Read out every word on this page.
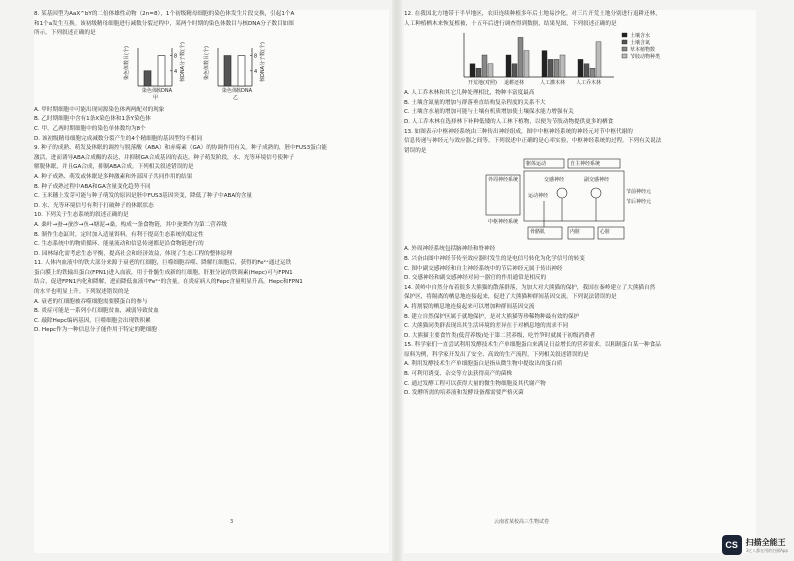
8. 某基因型为AaX^bY的二倍体雄性动物（2n=8），1个初级精母细胞的染色体发生片段交换，引起1个A

和1个a发生互换。该初级精母细胞进行减数分裂过程中，某两个时期的染色体数目与核DNA分子数目如图

所示。下列叙述正确的是

8
4
染色体
核DNA
染色体数目(个)	核DNA分子数(个)
甲
8
4
染色体
核DNA
染色体数目(个)	核DNA分子数(个)
乙

A. 甲时期细胞中可能出现同源染色体两两配对的现象

B. 乙时期细胞中含有1条X染色体和1条Y染色体

C. 甲、乙两时期细胞中的染色单体数均为8个

D. 该初级精母细胞完成减数分裂产生的4个精细胞的基因型均不相同

9. 种子的成熟、萌发及休眠的调控与脱落酸（ABA）和赤霉素（GA）的协调作用有关。种子成熟的，胚中FUS3蛋白能

激活，进而诱导ABA合成酶的表达，并抑制GA合成基因的表达。种子萌发阶段，水、光等环境信号使种子

解脱休眠，并且GA合成，抑制ABA合成。下列相关叙述错误的是

A. 种子成熟、萌发或休眠是多种激素和外部因子共同作用的结果

B. 种子成熟过程中ABA和GA含量变化趋势不同

C. 玉米穗上发芽可能与种子萌发的原因是胚中FUS3基因突变，降低了种子中ABA的含量

D. 水、光等环境信号有利于打破种子的休眠状态

10. 下列关于生态系统的叙述正确的是

A. 桑叶→蚕→蚕沙→鱼→塘泥→桑，构成一条食物链，其中蚕粪作为第二营养级

B. 制作生态缸时，定时加入适量饵料，有利于提高生态系统的稳定性

C. 生态系统中的物质循环、能量流动和信息传递都是沿食物链进行的

D. 园林绿化需考虑生态平衡，提高社会和经济效益，体现了生态工程的整体原理

11. 人体内血液中的铁大部分来源于衰老的红细胞，巨噬细胞吞噬、降解红细胞后，获得的Fe²⁺通过运铁

蛋白膜上的铁输出蛋白(FPN1)进入血液，用于骨髓生成新的红细胞。肝脏分泌的铁调素(Hepc)可与FPN1

结合，促进FPN1内化和降解，进而降低血液中Fe²⁺的含量。在炎症病人的Fepc含量明显升高，Hepc和FPN1

的水平也明显上升。下列叙述错误的是

A. 衰老的红细胞被吞噬细胞需要膜蛋白的参与

B. 炎症可能是一系列小红细胞贫血，减弱导致贫血

C. 敲除Hepc编码基因，巨噬细胞会出现铁积累

D. Hepc作为一种信息分子能作用于特定的靶细胞

3

12. 在我国北方地带于半旱地区，农田连续种植多年后土地易沙化。对三片开荒土地分别进行退耕还林，

人工种植栖木来恢复植被，十五年后进行调查得到数据，结果见图，下列叙述正确的是

开荒地(对照) 退耕还林	人工灌木林 人工乔木林
土壤含水
土壤含氮
草本植物数
节肢动物种类

A. 人工乔木林和其它几种处理相比，物种丰富度最高

B. 土壤含氮量的增加与群落垂直结构复杂程度的关系不大

C. 土壤含水量的增加可能与土壤有机质增加使土壤保水能力增强有关

D. 人工乔木林在选择林下补种低矮的人工林下植物，以便为节肢动物提供更多的栖食

13. 如图表示中枢神经系统由三种传出神经组成，图中中枢神经系统的神经元对节中枢代谢的

信息传递与神经元与效应器之间等。下列叙述中正确的是心率实验，中枢神经系统的过程。下列有关说法

错误的是

躯体运动	自主神经系统
外周神经系统	交感神经	副交感神经
运动神经
节前神经元
节后神经元
中枢神经系统
骨骼肌	内脏	心脏

A. 外周神经系统包括脑神经和脊神经

B. 兴奋由图中神经节传至效应器时发生的是电信号转化为化学信号的转变

C. 图中副交感神经和自主神经系统中的节后神经元属于传出神经

D. 交感神经和副交感神经对同一器官的作用通常是相反的

14. 黄岭中自然分布着很多大熊猫的散落群落，为加大对大熊猫的保护，我国在秦岭建立了大熊猫自然

保护区，将隔离的栖息地连接起来，促进了大熊猫种群间基因交流。下列说法错误的是

A. 将割裂的栖息地连接起来可以增加种群间基因交流

B. 建立自然保护区属于就地保护，是对大熊猫等珍稀物种最有效的保护

C. 大熊猫同类群表现出其生活环境的差异在于对栖息地的需求不同

D. 大熊猫主要食竹类(低营养级)处于第二营养级，吃竹笋时就属于初级消费者

15. 科学家们一直尝试利用发酵技术生产单细胞蛋白来满足日益增长的营养需求。以粗制蛋白某一种食品

原料为例，科学家开发出了安全、高效的生产流程，下列相关叙述错误的是

A. 利用发酵技术生产单细胞蛋白是指从微生物中提取出的蛋白质

B. 可利用诱变、杂交等方法获得高产的菌株

C. 通过发酵工程可以获得大量的微生物细胞及其代谢产物

D. 发酵所需的培养液和发酵设备都需要严格灭菌

云南省某校高三生物试卷
CS 扫描全能王
3亿人都在用的扫描App
